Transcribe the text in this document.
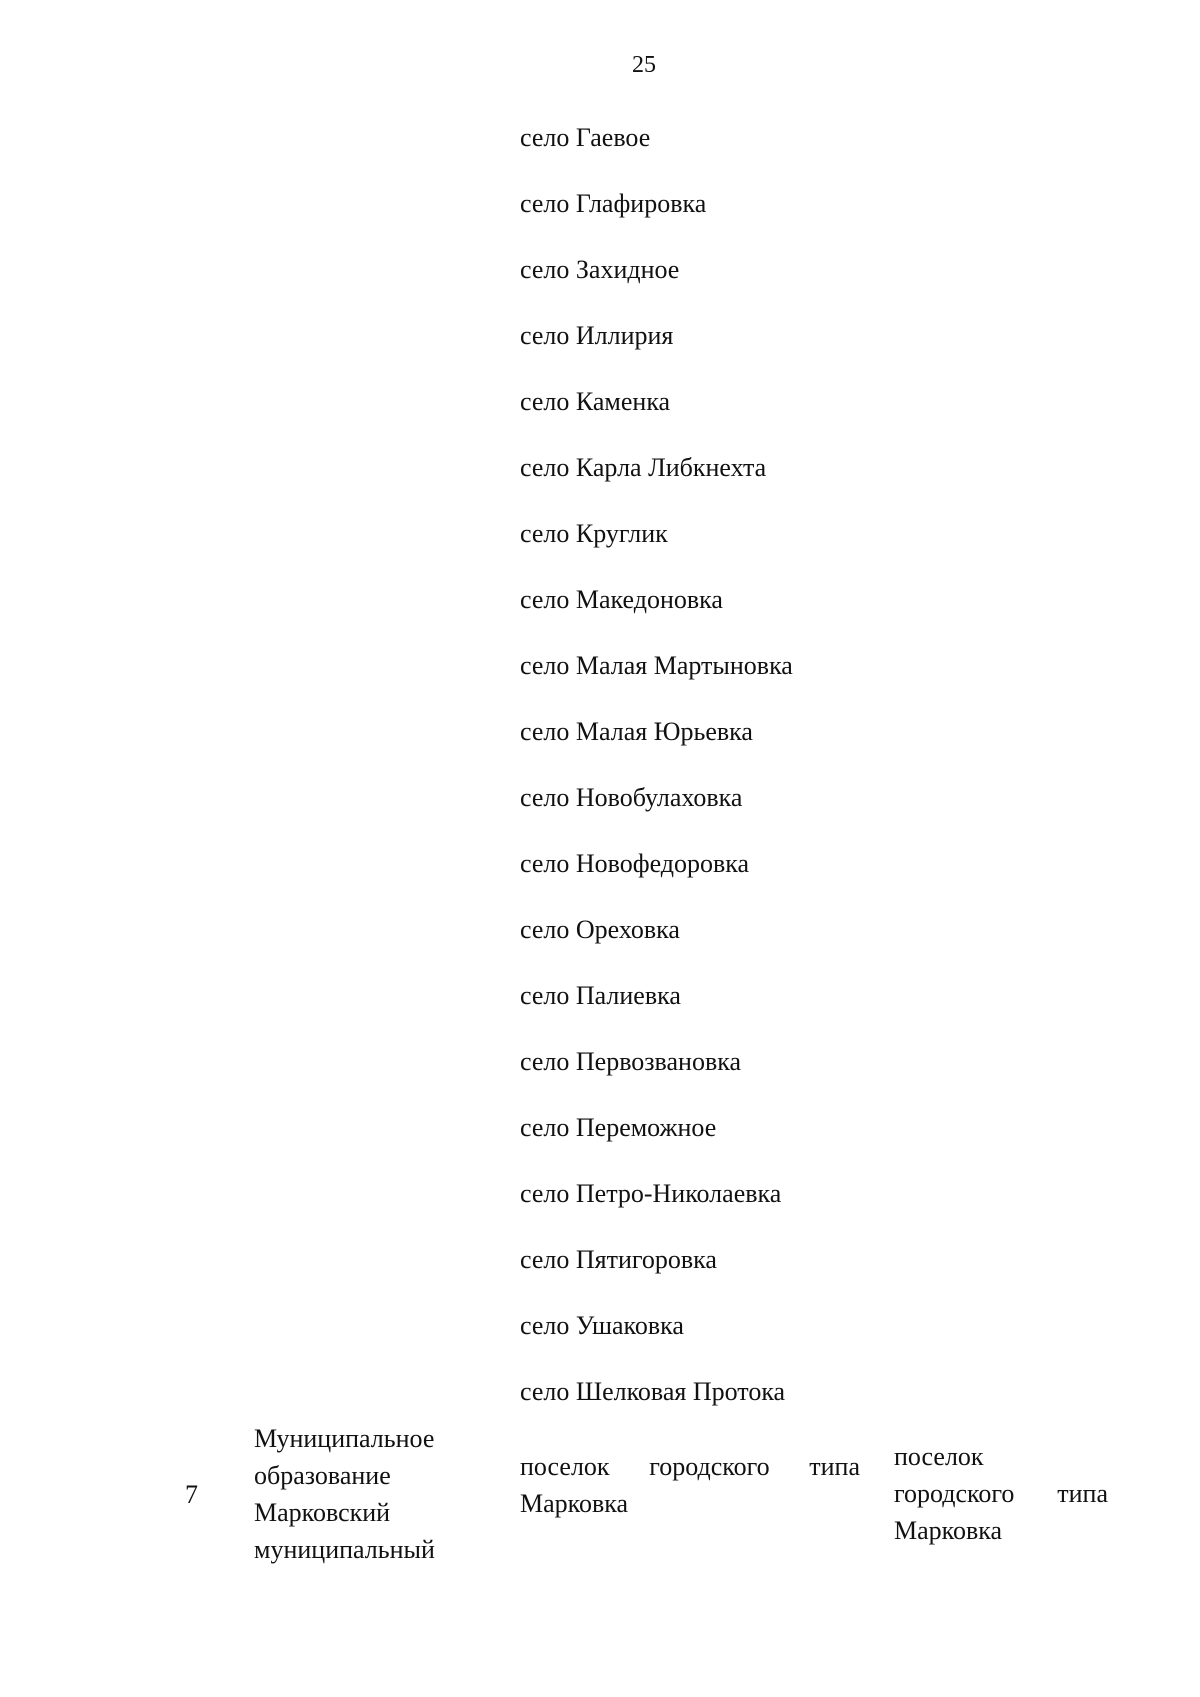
25
село Гаевое
село Глафировка
село Захидное
село Иллирия
село Каменка
село Карла Либкнехта
село Круглик
село Македоновка
село Малая Мартыновка
село Малая Юрьевка
село Новобулаховка
село Новофедоровка
село Ореховка
село Палиевка
село Первозвановка
село Переможное
село Петро-Николаевка
село Пятигоровка
село Ушаковка
село Шелковая Протока
7
Муниципальное
образование
Марковский
муниципальный
поселок городского типа
Марковка
поселок
городского типа
Марковка
